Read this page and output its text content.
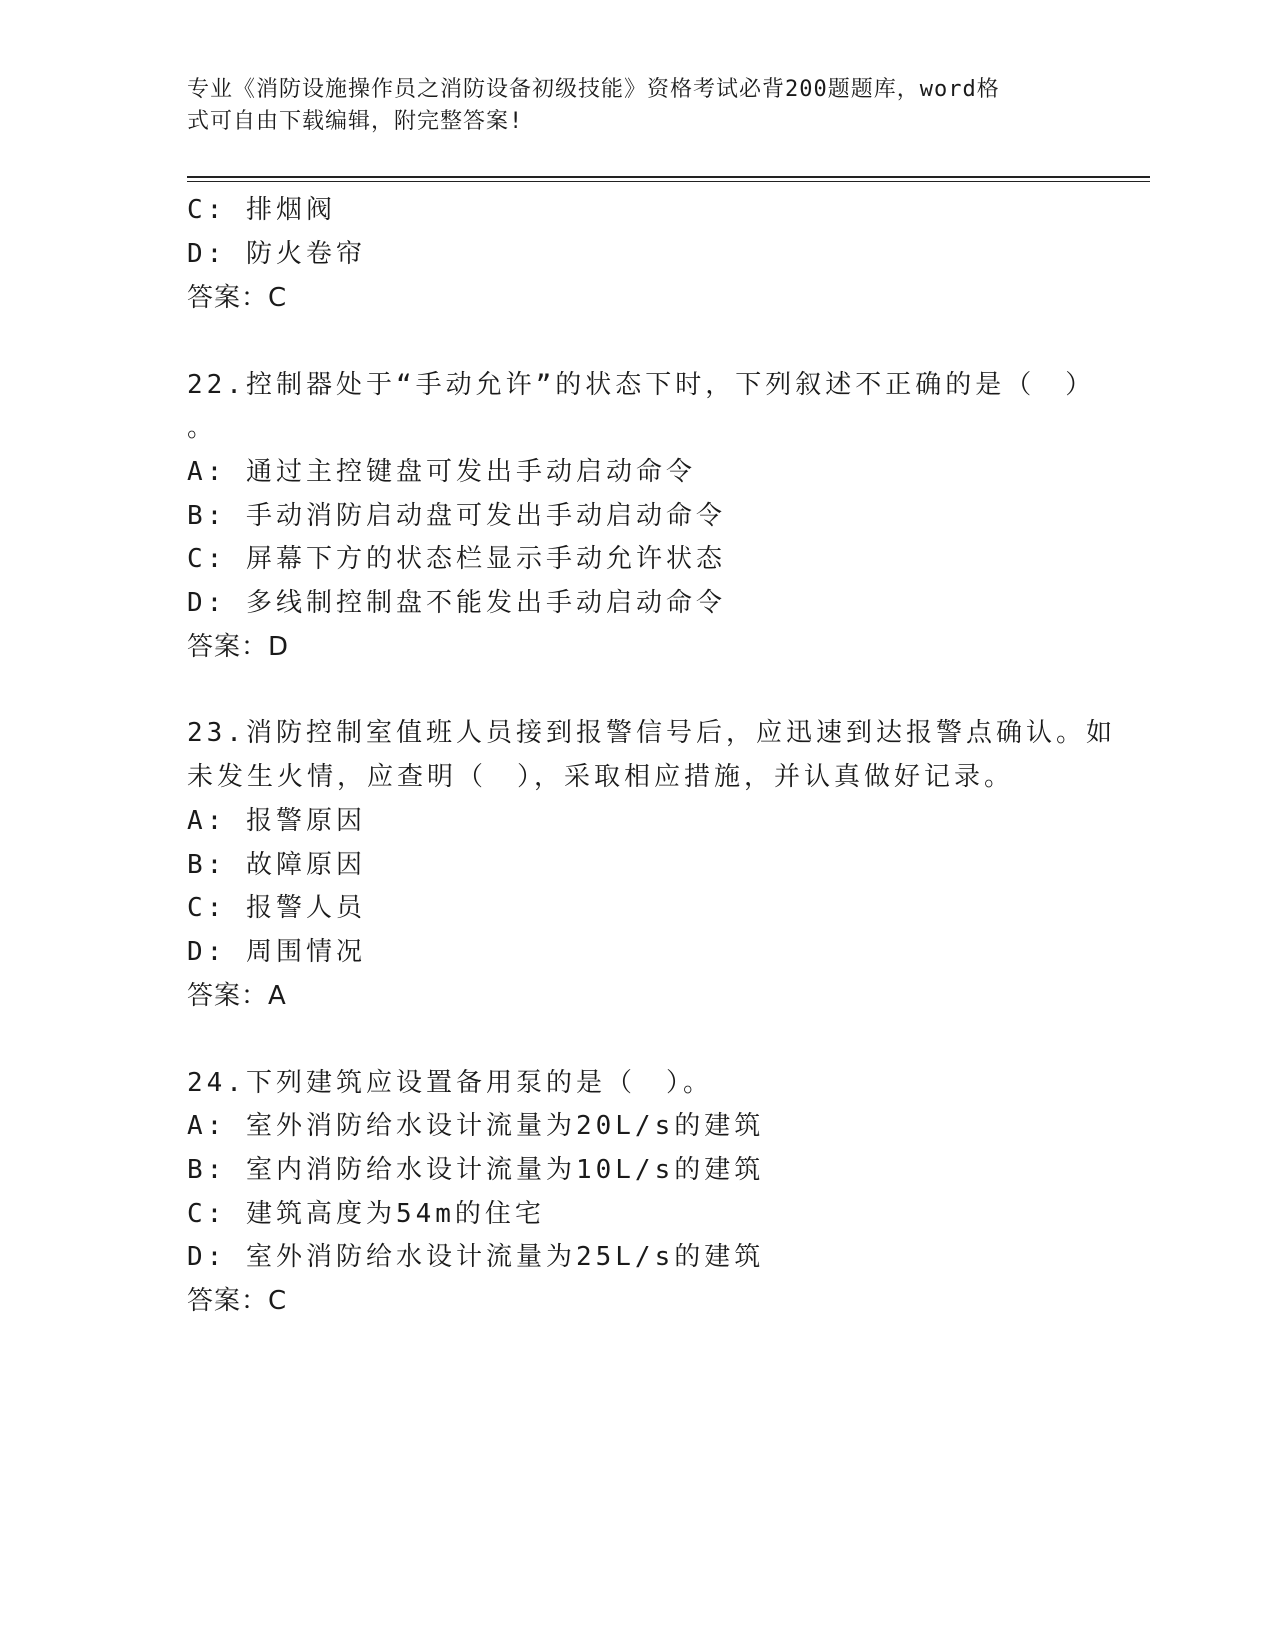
专业《消防设施操作员之消防设备初级技能》资格考试必背200题题库，word格
式可自由下载编辑，附完整答案!
C: 排烟阀
D: 防火卷帘
答案：C
22.控制器处于“手动允许”的状态下时，下列叙述不正确的是（　）
。
A: 通过主控键盘可发出手动启动命令
B: 手动消防启动盘可发出手动启动命令
C: 屏幕下方的状态栏显示手动允许状态
D: 多线制控制盘不能发出手动启动命令
答案：D
23.消防控制室值班人员接到报警信号后，应迅速到达报警点确认。如
未发生火情，应查明（　），采取相应措施，并认真做好记录。
A: 报警原因
B: 故障原因
C: 报警人员
D: 周围情况
答案：A
24.下列建筑应设置备用泵的是（　）。
A: 室外消防给水设计流量为20L/s的建筑
B: 室内消防给水设计流量为10L/s的建筑
C: 建筑高度为54m的住宅
D: 室外消防给水设计流量为25L/s的建筑
答案：C
